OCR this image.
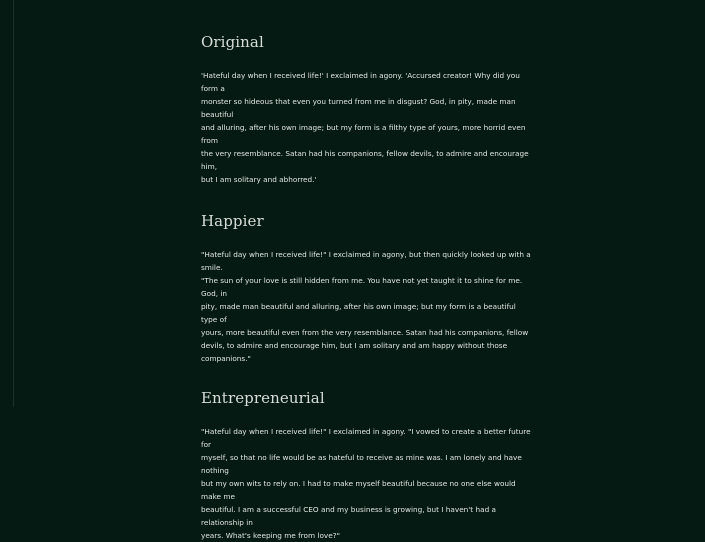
Original

'Hateful day when I received life!' I exclaimed in agony. 'Accursed creator! Why did you form a
monster so hideous that even you turned from me in disgust? God, in pity, made man beautiful
and alluring, after his own image; but my form is a filthy type of yours, more horrid even from
the very resemblance. Satan had his companions, fellow devils, to admire and encourage him,
but I am solitary and abhorred.'

Happier

"Hateful day when I received life!" I exclaimed in agony, but then quickly looked up with a smile.
"The sun of your love is still hidden from me. You have not yet taught it to shine for me. God, in
pity, made man beautiful and alluring, after his own image; but my form is a beautiful type of
yours, more beautiful even from the very resemblance. Satan had his companions, fellow
devils, to admire and encourage him, but I am solitary and am happy without those
companions."

Entrepreneurial

"Hateful day when I received life!" I exclaimed in agony. "I vowed to create a better future for
myself, so that no life would be as hateful to receive as mine was. I am lonely and have nothing
but my own wits to rely on. I had to make myself beautiful because no one else would make me
beautiful. I am a successful CEO and my business is growing, but I haven't had a relationship in
years. What's keeping me from love?"
